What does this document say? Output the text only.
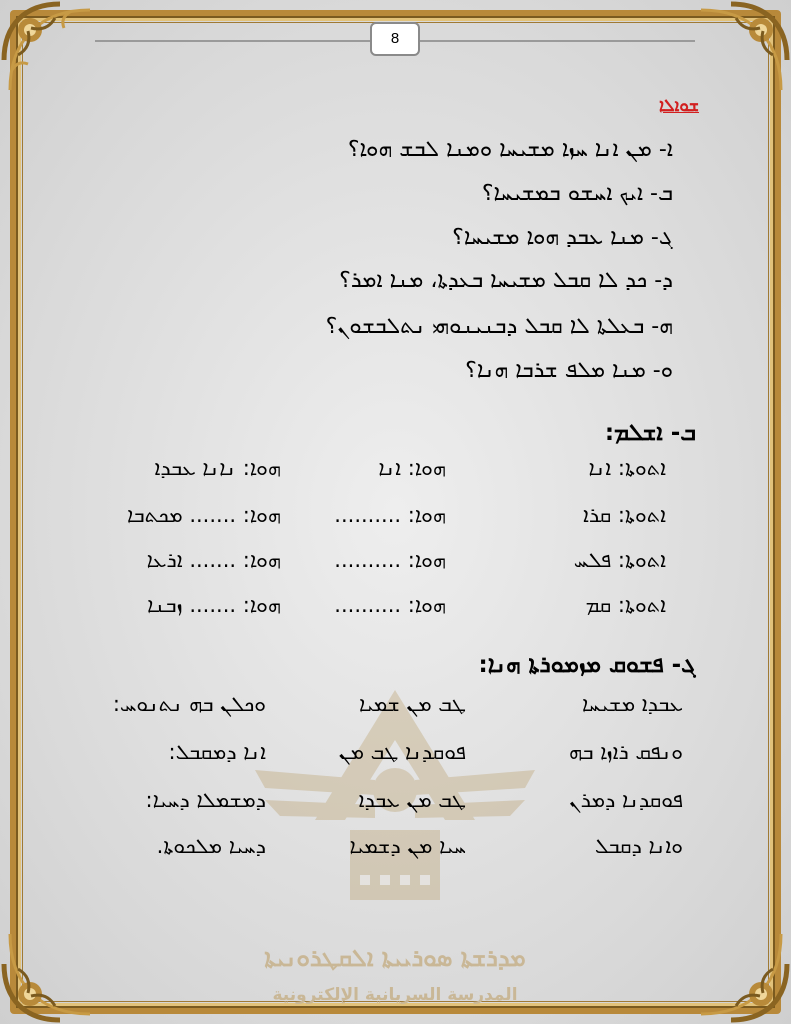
8
ܫܘܐܠܐ
ܐ- ܡܢ ܐܢܐ ܚܙܐ ܡܫܝܚܐ ܘܡܢܐ ܠܒܫ ܗܘܐ؟
ܒ- ܐܝܟ ܐܚܫܘ ܒܡܫܝܚܐ؟
ܓ- ܡܢܐ ܥܒܕ ܗܘܐ ܡܫܝܚܐ؟
ܕ- ܟܕ ܠܐ ܩܒܠ ܡܫܝܚܐ ܒܥܕܬܐ، ܡܢܐ ܐܡܪ؟
ܗ- ܒܥܠܬܐ ܠܐ ܩܒܠ ܕܒܢܝܢܘܗܝ ܢܬܠܒܫܘܢ؟
ܘ- ܡܢܐ ܡܠܦ ܫܪܒܐ ܗܢܐ؟
ܒ- ܐܫܠܡ:
ܐܬܘܬܐ: ܐܢܐ
ܗܘܐ: ܐܢܐ
ܗܘܐ: ܢܐܢܐ ܥܒܕܐ
ܐܬܘܬܐ: ܩܪܐ
ܗܘܐ: ..........
ܗܘܐ: ....... ܡܟܬܒܐ
ܐܬܘܬܐ: ܦܠܚ
ܗܘܐ: ..........
ܗܘܐ: ....... ܐܪܥܐ
ܐܬܘܬܐ: ܩܡ
ܗܘܐ: ..........
ܗܘܐ: ....... ܙܒܢܐ
ܓ- ܦܫܘܩ ܡܙܡܘܪܬܐ ܗܢܐ:
ܥܒܕܐ ܡܫܝܚܐ
ܛܒ ܡܢ ܫܡܝܐ
ܘܟܠܢ ܒܗ ܢܬܢܘܚ:
ܘܢܦܩ ܪܐܙܐ ܒܗ
ܦܘܩܕܢܐ ܛܒ ܡܢ
ܐܢܐ ܕܡܩܒܠ:
ܦܘܩܕܢܐ ܕܡܪܢ
ܛܒ ܡܢ ܥܒܕܐ
ܕܡܫܡܠܐ ܕܚܝܐ:
ܘܐܢܐ ܕܩܒܠ
ܚܝܐ ܡܢ ܕܫܡܝܐ
ܕܚܝܐ ܡܠܟܘܬܐ.
ܡܕܪܫܬܐ ܣܘܪܝܝܬܐ ܐܠܩܛܪܘܢܝܬܐ
المدرسة السريانية الإلكترونية
